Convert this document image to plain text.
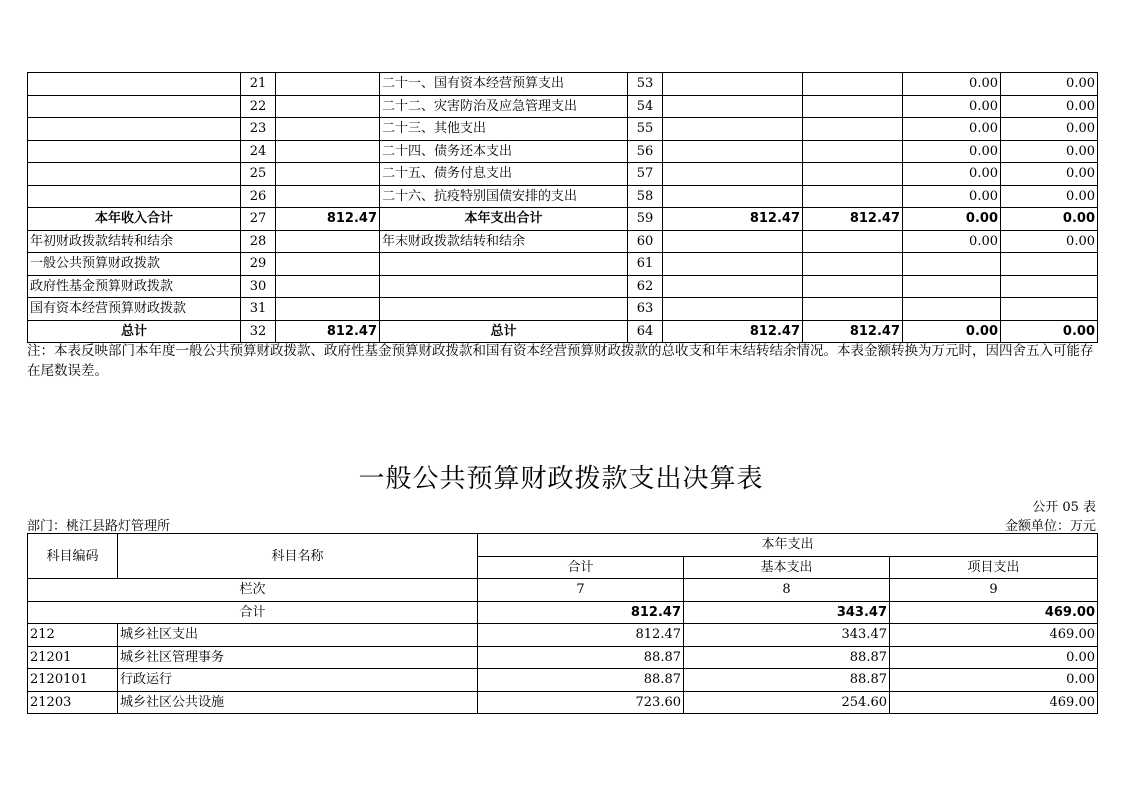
	21		二十一、国有资本经营预算支出	53			0.00	0.00
	22		二十二、灾害防治及应急管理支出	54			0.00	0.00
	23		二十三、其他支出	55			0.00	0.00
	24		二十四、债务还本支出	56			0.00	0.00
	25		二十五、债务付息支出	57			0.00	0.00
	26		二十六、抗疫特别国债安排的支出	58			0.00	0.00
本年收入合计	27	812.47	本年支出合计	59	812.47	812.47	0.00	0.00
年初财政拨款结转和结余	28		年末财政拨款结转和结余	60			0.00	0.00
一般公共预算财政拨款	29			61				
政府性基金预算财政拨款	30			62				
国有资本经营预算财政拨款	31			63				
总计	32	812.47	总计	64	812.47	812.47	0.00	0.00
注：本表反映部门本年度一般公共预算财政拨款、政府性基金预算财政拨款和国有资本经营预算财政拨款的总收支和年末结转结余情况。本表金额转换为万元时，因四舍五入可能存在尾数误差。
一般公共预算财政拨款支出决算表
公开 05 表
部门：桃江县路灯管理所	金额单位：万元
科目编码	科目名称	本年支出		
		合计	基本支出	项目支出
栏次		7	8	9
合计		812.47	343.47	469.00
212	城乡社区支出	812.47	343.47	469.00
21201	城乡社区管理事务	88.87	88.87	0.00
2120101	行政运行	88.87	88.87	0.00
21203	城乡社区公共设施	723.60	254.60	469.00
